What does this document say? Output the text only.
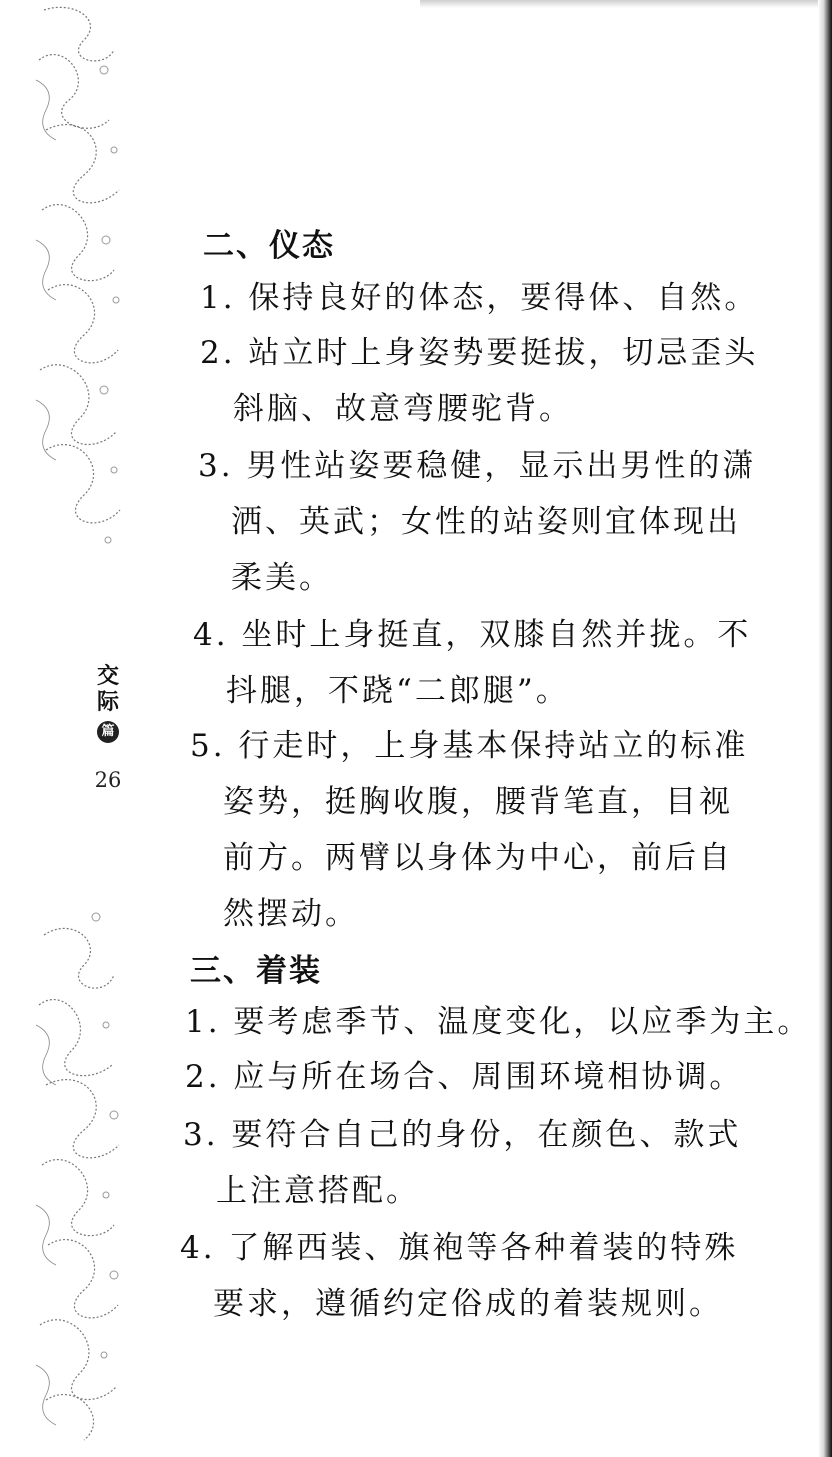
交
际
篇
26
二、仪态
1. 保持良好的体态，要得体、自然。
2. 站立时上身姿势要挺拔，切忌歪头
斜脑、故意弯腰驼背。
3. 男性站姿要稳健，显示出男性的潇
洒、英武；女性的站姿则宜体现出
柔美。
4. 坐时上身挺直，双膝自然并拢。不
抖腿，不跷“二郎腿”。
5. 行走时，上身基本保持站立的标准
姿势，挺胸收腹，腰背笔直，目视
前方。两臂以身体为中心，前后自
然摆动。
三、着装
1. 要考虑季节、温度变化，以应季为主。
2. 应与所在场合、周围环境相协调。
3. 要符合自己的身份，在颜色、款式
上注意搭配。
4. 了解西装、旗袍等各种着装的特殊
要求，遵循约定俗成的着装规则。
